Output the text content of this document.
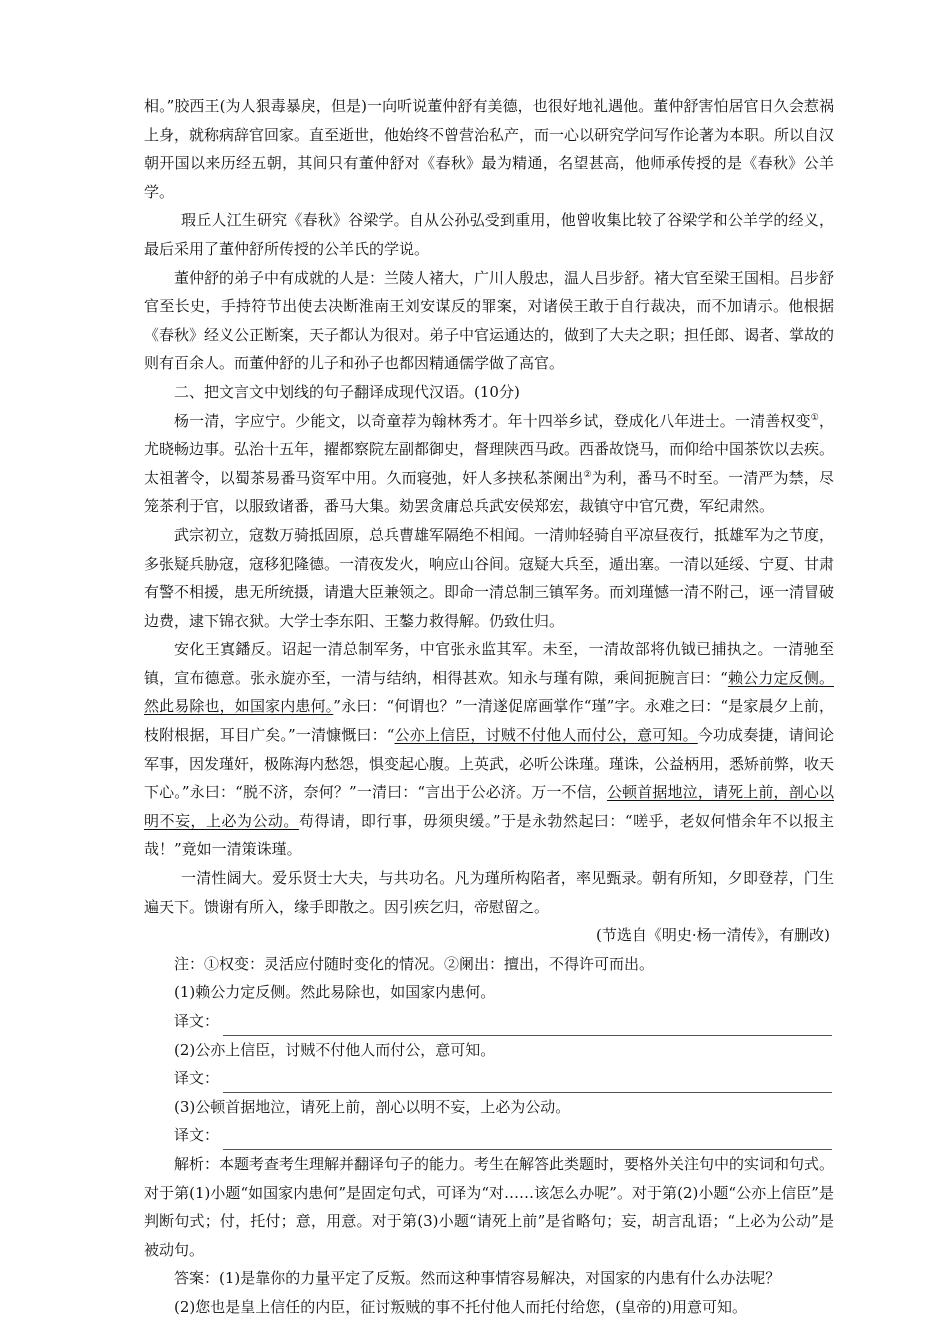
相。”胶西王(为人狠毒暴戾，但是)一向听说董仲舒有美德，也很好地礼遇他。董仲舒害怕居官日久会惹祸上身，就称病辞官回家。直至逝世，他始终不曾营治私产，而一心以研究学问写作论著为本职。所以自汉朝开国以来历经五朝，其间只有董仲舒对《春秋》最为精通，名望甚高，他师承传授的是《春秋》公羊学。

瑕丘人江生研究《春秋》谷梁学。自从公孙弘受到重用，他曾收集比较了谷梁学和公羊学的经义，最后采用了董仲舒所传授的公羊氏的学说。

董仲舒的弟子中有成就的人是：兰陵人褚大，广川人殷忠，温人吕步舒。褚大官至梁王国相。吕步舒官至长史，手持符节出使去决断淮南王刘安谋反的罪案，对诸侯王敢于自行裁决，而不加请示。他根据《春秋》经义公正断案，天子都认为很对。弟子中官运通达的，做到了大夫之职；担任郎、谒者、掌故的则有百余人。而董仲舒的儿子和孙子也都因精通儒学做了高官。

二、把文言文中划线的句子翻译成现代汉语。(10分)

杨一清，字应宁。少能文，以奇童荐为翰林秀才。年十四举乡试，登成化八年进士。一清善权变①，尤晓畅边事。弘治十五年，擢都察院左副都御史，督理陕西马政。西番故饶马，而仰给中国茶饮以去疾。太祖著令，以蜀茶易番马资军中用。久而寝弛，奸人多挟私茶阑出②为利，番马不时至。一清严为禁，尽笼茶利于官，以服致诸番，番马大集。劾罢贪庸总兵武安侯郑宏，裁镇守中官冗费，军纪肃然。

武宗初立，寇数万骑抵固原，总兵曹雄军隔绝不相闻。一清帅轻骑自平凉昼夜行，抵雄军为之节度，多张疑兵胁寇，寇移犯隆德。一清夜发火，响应山谷间。寇疑大兵至，遁出塞。一清以延绥、宁夏、甘肃有警不相援，患无所统摄，请遣大臣兼领之。即命一清总制三镇军务。而刘瑾憾一清不附己，诬一清冒破边费，逮下锦衣狱。大学士李东阳、王鏊力救得解。仍致仕归。

安化王寘鐇反。诏起一清总制军务，中官张永监其军。未至，一清故部将仇钺已捕执之。一清驰至镇，宣布德意。张永旋亦至，一清与结纳，相得甚欢。知永与瑾有隙，乘间扼腕言曰：“赖公力定反侧。然此易除也，如国家内患何。”永曰：“何谓也？”一清遂促席画掌作“瑾”字。永难之曰：“是家晨夕上前，枝附根据，耳目广矣。”一清慷慨曰：“公亦上信臣，讨贼不付他人而付公，意可知。今功成奏捷，请间论军事，因发瑾奸，极陈海内愁怨，惧变起心腹。上英武，必听公诛瑾。瑾诛，公益柄用，悉矫前弊，收天下心。”永曰：“脱不济，奈何？”一清曰：“言出于公必济。万一不信，公顿首据地泣，请死上前，剖心以明不妄，上必为公动。苟得请，即行事，毋须臾缓。”于是永勃然起曰：“嗟乎，老奴何惜余年不以报主哉！”竟如一清策诛瑾。

一清性阔大。爱乐贤士大夫，与共功名。凡为瑾所构陷者，率见甄录。朝有所知，夕即登荐，门生遍天下。馈谢有所入，缘手即散之。因引疾乞归，帝慰留之。

(节选自《明史·杨一清传》，有删改)

注：①权变：灵活应付随时变化的情况。②阑出：擅出，不得许可而出。

(1)赖公力定反侧。然此易除也，如国家内患何。

译文：

(2)公亦上信臣，讨贼不付他人而付公，意可知。

译文：

(3)公顿首据地泣，请死上前，剖心以明不妄，上必为公动。

译文：

解析：本题考查考生理解并翻译句子的能力。考生在解答此类题时，要格外关注句中的实词和句式。对于第(1)小题“如国家内患何”是固定句式，可译为“对……该怎么办呢”。对于第(2)小题“公亦上信臣”是判断句式；付，托付；意，用意。对于第(3)小题“请死上前”是省略句；妄，胡言乱语；“上必为公动”是被动句。

答案：(1)是靠你的力量平定了反叛。然而这种事情容易解决，对国家的内患有什么办法呢？

(2)您也是皇上信任的内臣，征讨叛贼的事不托付他人而托付给您，(皇帝的)用意可知。
